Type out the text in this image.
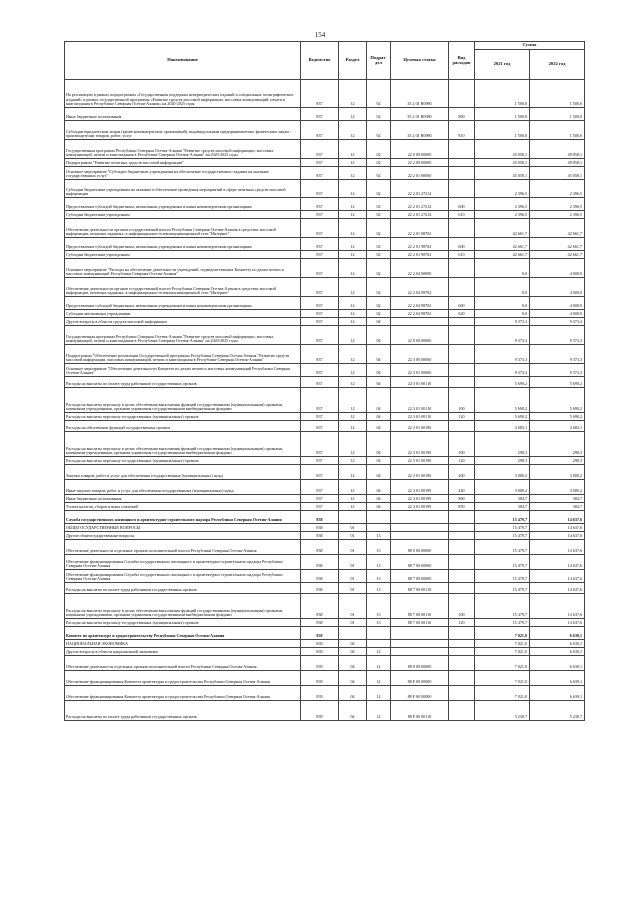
154
Наименование	Ведомство	Раздел	Подраз-дел	Целевая статья	Вид расходов	Сумма	
						2021 год	2022 год
На реализацию в рамках подпрограммы «Государственная поддержка непериодических изданий и специальных полиграфических изданий» в рамках государственной программы «Развитие средств массовой информации, массовых коммуникаций, печати и книгоиздания в Республике Северная Осетия-Алания» на 2020-2025 годы	837	12	02	35 2 01 R0980		1 500,0	1 500,0
Иные бюджетные ассигнования	837	12	02	35 2 01 R0980	800	1 500,0	1 500,0
Субсидии юридическим лицам (кроме некоммерческих организаций), индивидуальным предпринимателям, физическим лицам - производителям товаров, работ, услуг	837	12	02	35 2 01 R0980	810	1 500,0	1 500,0
Государственная программа Республики Северная Осетия-Алания "Развитие средств массовой информации, массовых коммуникаций, печати и книгоиздания в Республике Северная Осетия-Алания" на 2020-2025 годы	837	12	02	22 0 00 00000		45 058,1	49 058,1
Подпрограмма "Развитие печатных средств массовой информации"	837	12	02	22 2 00 00000		45 058,1	49 058,1
Основное мероприятие "Субсидии бюджетным учреждениям на обеспечение государственного задания на оказание государственных услуг"	837	12	02	22 2 01 00000		45 058,1	45 058,1
Субсидии бюджетным учреждениям на оказание и обеспечение проведения мероприятий в сфере печатных средств массовой информации	837	12	02	22 2 01 27214		2 396,5	2 396,5
Предоставление субсидий бюджетным, автономным учреждениям и иным некоммерческим организациям	837	12	02	22 2 01 27214	600	2 396,5	2 396,5
Субсидии бюджетным учреждениям	837	12	02	22 2 01 27214	610	2 396,5	2 396,5
Обеспечение деятельности органов государственной власти Республики Северная Осетия-Алания в средствах массовой информации, печатных изданиях, в информационно-телекоммуникационной сети "Интернет"	837	12	02	22 2 01 98702		42 661,7	42 661,7
Предоставление субсидий бюджетным, автономным учреждениям и иным некоммерческим организациям	837	12	02	22 2 01 98702	600	42 661,7	42 661,7
Субсидии бюджетным учреждениям	837	12	02	22 2 01 98702	610	42 661,7	42 661,7
Основное мероприятие "Расходы на обеспечение деятельности учреждений, подведомственных Комитету по делам печати и массовых коммуникаций Республики Северная Осетия-Алания"	837	12	02	22 2 04 00000		0,0	4 000,0
Обеспечение деятельности органов государственной власти Республики Северная Осетия-Алания в средствах массовой информации, печатных изданиях, в информационно-телекоммуникационной сети "Интернет"	837	12	02	22 2 04 98702		0,0	4 000,0
Предоставление субсидий бюджетным, автономным учреждениям и иным некоммерческим организациям	837	12	02	22 2 04 98702	600	0,0	4 000,0
Субсидии автономным учреждениям	837	12	02	22 2 04 98702	620	0,0	4 000,0
Другие вопросы в области средств массовой информации	837	12	04			9 373,3	9 373,3
Государственная программа Республики Северная Осетия-Алания "Развитие средств массовой информации, массовых коммуникаций, печати и книгоиздания в Республике Северная Осетия-Алания" на 2020-2025 годы	837	12	04	22 0 00 00000		9 373,3	9 373,3
Подпрограмма "Обеспечение реализации Государственной программы Республики Северная Осетия-Алания "Развитие средств массовой информации, массовых коммуникаций, печати и книгоиздания в Республике Северная Осетия-Алания"	837	12	04	22 3 00 00000		9 373,3	9 373,3
Основное мероприятие "Обеспечение деятельности Комитета по делам печати и массовых коммуникаций Республики Северная Осетия-Алания"	837	12	04	22 3 01 00000		9 373,3	9 373,3
Расходы на выплаты по оплате труда работников государственных органов	837	12	04	22 3 01 00110		5 690,2	5 690,2
Расходы на выплаты персоналу в целях обеспечения выполнения функций государственными (муниципальными) органами, казенными учреждениями, органами управления государственными внебюджетными фондами	837	12	04	22 3 01 00110	100	5 690,2	5 690,2
Расходы на выплаты персоналу государственных (муниципальных) органов	837	12	04	22 3 01 00110	120	5 690,2	5 690,2
Расходы на обеспечение функций государственных органов	837	12	04	22 3 01 00190		3 683,1	3 683,1
Расходы на выплаты персоналу в целях обеспечения выполнения функций государственными (муниципальными) органами, казенными учреждениями, органами управления государственными внебюджетными фондами	837	12	04	22 3 01 00190	100	298,3	298,3
Расходы на выплаты персоналу государственных (муниципальных) органов	837	12	04	22 3 01 00190	120	298,3	298,3
Закупка товаров, работ и услуг для обеспечения государственных (муниципальных) нужд	837	12	04	22 3 01 00190	200	3 000,2	3 000,2
Иные закупки товаров, работ и услуг для обеспечения государственных (муниципальных) нужд	837	12	04	22 3 01 00190	240	3 000,2	3 000,2
Иные бюджетные ассигнования	837	12	04	22 3 01 00190	800	384,7	384,7
Уплата налогов, сборов и иных платежей	837	12	04	22 3 01 00190	850	384,7	384,7
Служба государственного жилищного и архитектурно-строительного надзора Республики Северная Осетия-Алания	838					15 479,7	14 637,6
ОБЩЕГОСУДАРСТВЕННЫЕ ВОПРОСЫ	838	01				15 479,7	14 637,6
Другие общегосударственные вопросы	838	01	13			15 479,7	14 637,6
Обеспечение деятельности отдельных органов исполнительной власти Республики Северная Осетия-Алания	838	01	13	88 0 00 00000		15 479,7	14 637,6
Обеспечение функционирования Службы государственного жилищного и архитектурно-строительного надзора Республики Северная Осетия-Алания	838	01	13	88 7 00 00000		15 479,7	14 637,6
Обеспечение функционирования Службы государственного жилищного и архитектурно-строительного надзора Республики Северная Осетия-Алания	838	01	13	88 7 00 00000		15 479,7	14 637,6
Расходы на выплаты по оплате труда работников государственных органов	838	01	13	88 7 00 00110		15 479,7	14 637,6
Расходы на выплаты персоналу в целях обеспечения выполнения функций государственными (муниципальными) органами, казенными учреждениями, органами управления государственными внебюджетными фондами	838	01	13	88 7 00 00110	100	15 479,7	14 637,6
Расходы на выплаты персоналу государственных (муниципальных) органов	838	01	13	88 7 00 00110	120	15 479,7	14 637,6
Комитет по архитектуре и градостроительству Республики Северная Осетия-Алания	839					7 021,0	6 639,1
НАЦИОНАЛЬНАЯ ЭКОНОМИКА	839	04				7 021,0	6 639,1
Другие вопросы в области национальной экономики	839	04	12			7 021,0	6 639,1
Обеспечение деятельности отдельных органов исполнительной власти Республики Северная Осетия-Алания	839	04	12	88 0 00 00000		7 021,0	6 639,1
Обеспечение функционирования Комитета архитектуры и градостроительства Республики Северная Осетия-Алания	839	04	12	88 F 00 00000		7 021,0	6 639,1
Обеспечение функционирования Комитета архитектуры и градостроительства Республики Северная Осетия-Алания	839	04	12	88 F 00 00000		7 021,0	6 639,1
Расходы на выплаты по оплате труда работников государственных органов	839	04	12	88 F 00 00110		5 230,7	5 230,7
